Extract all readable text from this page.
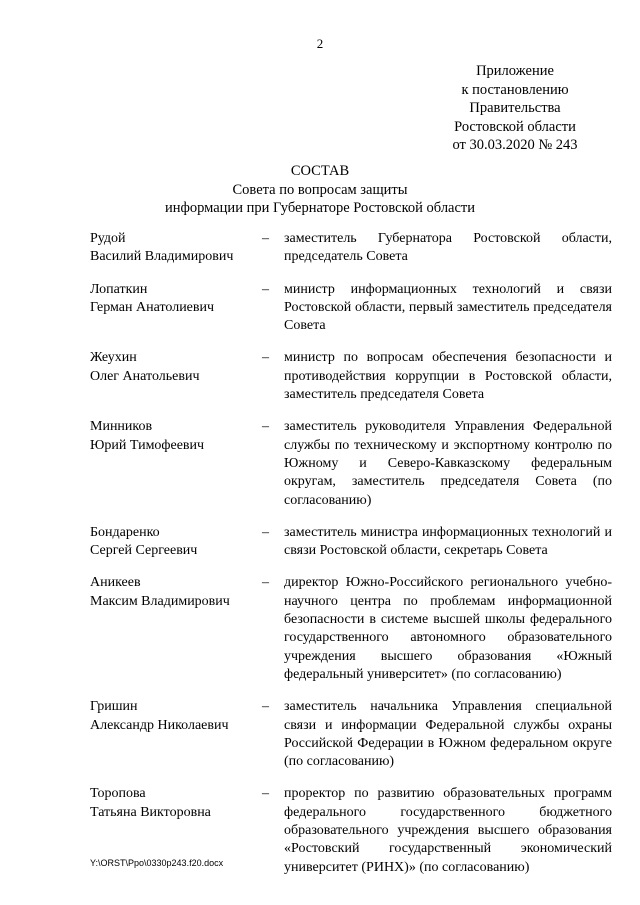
2
Приложение
к постановлению
Правительства
Ростовской области
от 30.03.2020 № 243
СОСТАВ
Совета по вопросам защиты
информации при Губернаторе Ростовской области
Рудой
Василий Владимирович
–	заместитель Губернатора Ростовской области, председатель Совета
Лопаткин
Герман Анатолиевич
–	министр информационных технологий и связи Ростовской области, первый заместитель председателя Совета
Жеухин
Олег Анатольевич
–	министр по вопросам обеспечения безопасности и противодействия коррупции в Ростовской области, заместитель председателя Совета
Минников
Юрий Тимофеевич
–	заместитель руководителя Управления Федеральной службы по техническому и экспортному контролю по Южному и Северо-Кавказскому федеральным округам, заместитель председателя Совета (по согласованию)
Бондаренко
Сергей Сергеевич
–	заместитель министра информационных технологий и связи Ростовской области, секретарь Совета
Аникеев
Максим Владимирович
–	директор Южно-Российского регионального учебно-научного центра по проблемам информационной безопасности в системе высшей школы федерального государственного автономного образовательного учреждения высшего образования «Южный федеральный университет» (по согласованию)
Гришин
Александр Николаевич
–	заместитель начальника Управления специальной связи и информации Федеральной службы охраны Российской Федерации в Южном федеральном округе (по согласованию)
Торопова
Татьяна Викторовна
–	проректор по развитию образовательных программ федерального государственного бюджетного образовательного учреждения высшего образования «Ростовский государственный экономический университет (РИНХ)» (по согласованию)
Y:\ORST\Ppo\0330p243.f20.docx
